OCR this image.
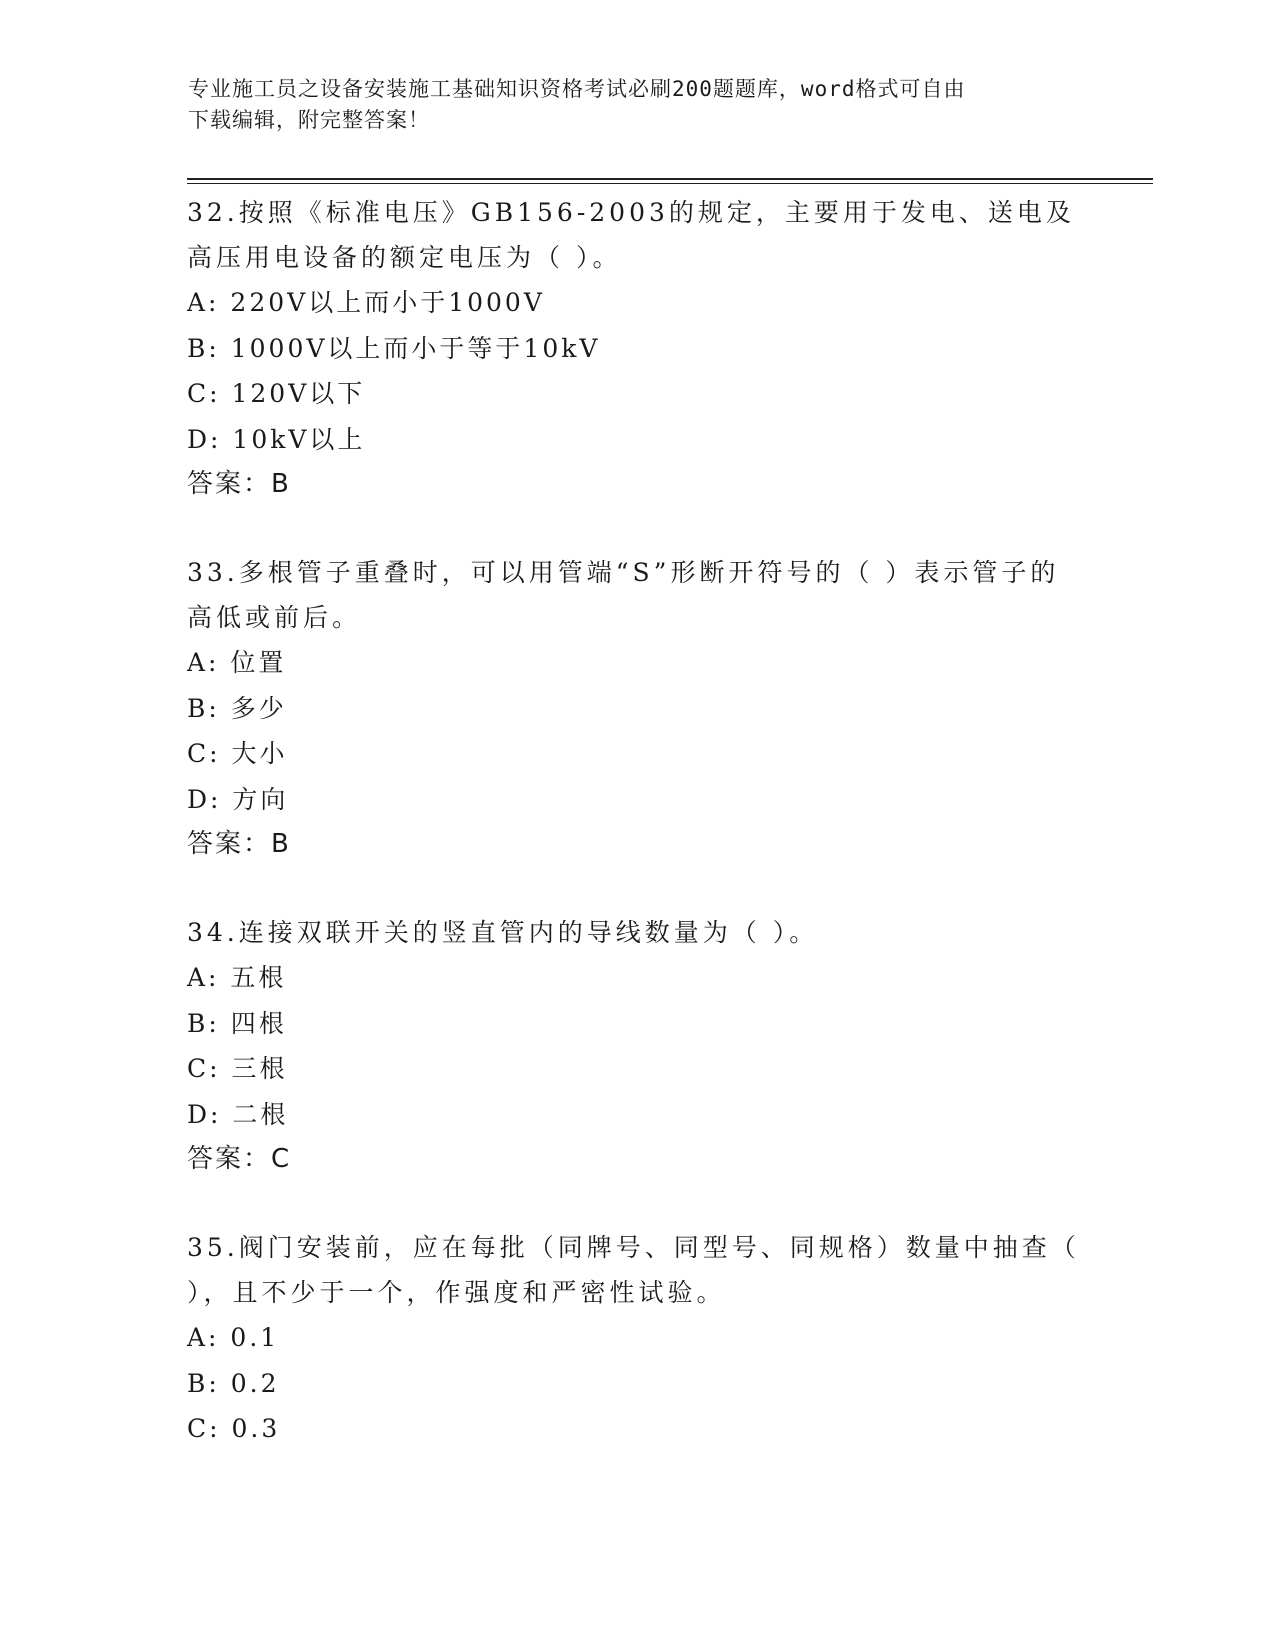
专业施工员之设备安装施工基础知识资格考试必刷200题题库，word格式可自由
下载编辑，附完整答案！

32.按照《标准电压》GB156-2003的规定，主要用于发电、送电及高压用电设备的额定电压为（ ）。

A: 220V以上而小于1000V

B: 1000V以上而小于等于10kV

C: 120V以下

D: 10kV以上

答案：B

33.多根管子重叠时，可以用管端“S”形断开符号的（ ）表示管子的高低或前后。

A: 位置

B: 多少

C: 大小

D: 方向

答案：B

34.连接双联开关的竖直管内的导线数量为（ ）。

A: 五根

B: 四根

C: 三根

D: 二根

答案：C

35.阀门安装前，应在每批（同牌号、同型号、同规格）数量中抽查（ ），且不少于一个，作强度和严密性试验。

A: 0.1

B: 0.2

C: 0.3
